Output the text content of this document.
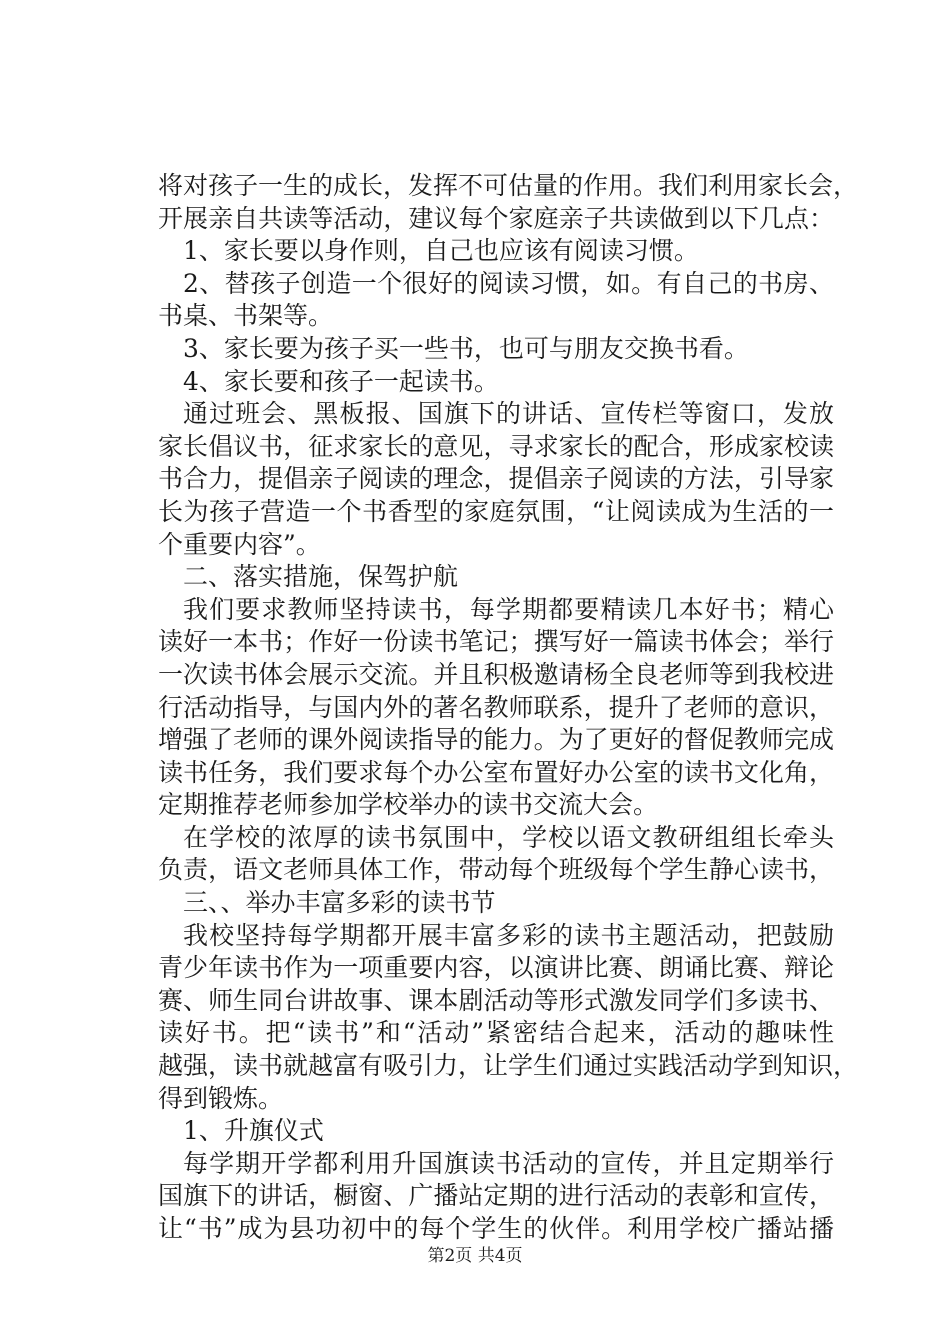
将对孩子一生的成长，发挥不可估量的作用。我们利用家长会，
开展亲自共读等活动，建议每个家庭亲子共读做到以下几点：
1、家长要以身作则，自己也应该有阅读习惯。
2、替孩子创造一个很好的阅读习惯，如。有自己的书房、
书桌、书架等。
3、家长要为孩子买一些书，也可与朋友交换书看。
4、家长要和孩子一起读书。
通过班会、黑板报、国旗下的讲话、宣传栏等窗口，发放
家长倡议书，征求家长的意见，寻求家长的配合，形成家校读
书合力，提倡亲子阅读的理念，提倡亲子阅读的方法，引导家
长为孩子营造一个书香型的家庭氛围，“让阅读成为生活的一
个重要内容”。
二、落实措施，保驾护航
我们要求教师坚持读书，每学期都要精读几本好书；精心
读好一本书；作好一份读书笔记；撰写好一篇读书体会；举行
一次读书体会展示交流。并且积极邀请杨全良老师等到我校进
行活动指导，与国内外的著名教师联系，提升了老师的意识，
增强了老师的课外阅读指导的能力。为了更好的督促教师完成
读书任务，我们要求每个办公室布置好办公室的读书文化角，
定期推荐老师参加学校举办的读书交流大会。
在学校的浓厚的读书氛围中，学校以语文教研组组长牵头
负责，语文老师具体工作，带动每个班级每个学生静心读书，
三、、举办丰富多彩的读书节
我校坚持每学期都开展丰富多彩的读书主题活动，把鼓励
青少年读书作为一项重要内容，以演讲比赛、朗诵比赛、辩论
赛、师生同台讲故事、课本剧活动等形式激发同学们多读书、
读好书。把“读书”和“活动”紧密结合起来，活动的趣味性
越强，读书就越富有吸引力，让学生们通过实践活动学到知识，
得到锻炼。
1、升旗仪式
每学期开学都利用升国旗读书活动的宣传，并且定期举行
国旗下的讲话，橱窗、广播站定期的进行活动的表彰和宣传，
让“书”成为县功初中的每个学生的伙伴。利用学校广播站播
第2页 共4页
